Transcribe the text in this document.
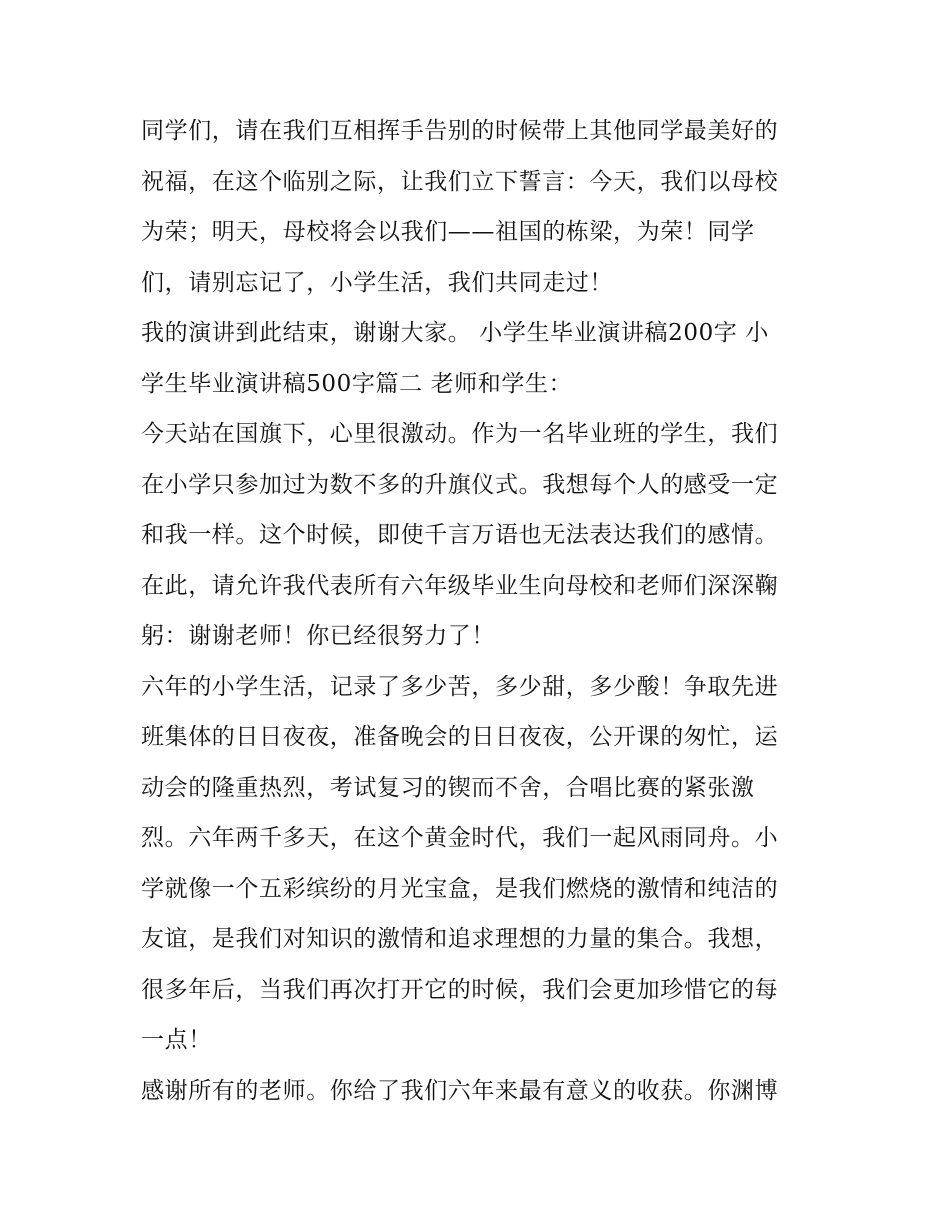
同学们，请在我们互相挥手告别的时候带上其他同学最美好的
祝福，在这个临别之际，让我们立下誓言：今天，我们以母校
为荣；明天，母校将会以我们——祖国的栋梁，为荣！同学
们，请别忘记了，小学生活，我们共同走过！
我的演讲到此结束，谢谢大家。 小学生毕业演讲稿200字 小
学生毕业演讲稿500字篇二 老师和学生：
今天站在国旗下，心里很激动。作为一名毕业班的学生，我们
在小学只参加过为数不多的升旗仪式。我想每个人的感受一定
和我一样。这个时候，即使千言万语也无法表达我们的感情。
在此，请允许我代表所有六年级毕业生向母校和老师们深深鞠
躬：谢谢老师！你已经很努力了！
六年的小学生活，记录了多少苦，多少甜，多少酸！争取先进
班集体的日日夜夜，准备晚会的日日夜夜，公开课的匆忙，运
动会的隆重热烈，考试复习的锲而不舍，合唱比赛的紧张激
烈。六年两千多天，在这个黄金时代，我们一起风雨同舟。小
学就像一个五彩缤纷的月光宝盒，是我们燃烧的激情和纯洁的
友谊，是我们对知识的激情和追求理想的力量的集合。我想，
很多年后，当我们再次打开它的时候，我们会更加珍惜它的每
一点！
感谢所有的老师。你给了我们六年来最有意义的收获。你渊博
